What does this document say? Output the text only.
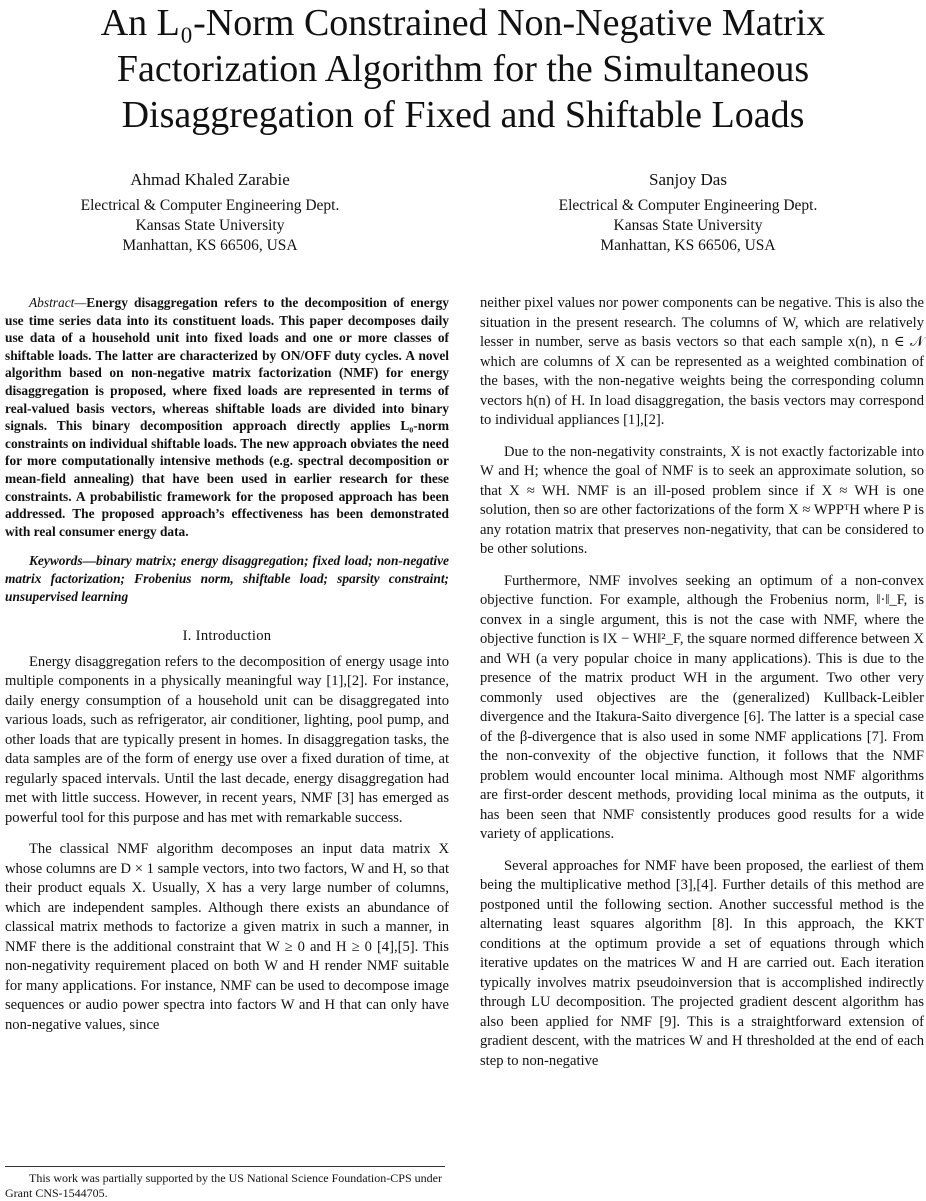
An L₀-Norm Constrained Non-Negative Matrix Factorization Algorithm for the Simultaneous Disaggregation of Fixed and Shiftable Loads
Ahmad Khaled Zarabie
Electrical & Computer Engineering Dept.
Kansas State University
Manhattan, KS 66506, USA
Sanjoy Das
Electrical & Computer Engineering Dept.
Kansas State University
Manhattan, KS 66506, USA

Abstract—Energy disaggregation refers to the decomposition of energy use time series data into its constituent loads. This paper decomposes daily use data of a household unit into fixed loads and one or more classes of shiftable loads. The latter are characterized by ON/OFF duty cycles. A novel algorithm based on non-negative matrix factorization (NMF) for energy disaggregation is proposed, where fixed loads are represented in terms of real-valued basis vectors, whereas shiftable loads are divided into binary signals. This binary decomposition approach directly applies L₀-norm constraints on individual shiftable loads. The new approach obviates the need for more computationally intensive methods (e.g. spectral decomposition or mean-field annealing) that have been used in earlier research for these constraints. A probabilistic framework for the proposed approach has been addressed. The proposed approach’s effectiveness has been demonstrated with real consumer energy data.

Keywords—binary matrix; energy disaggregation; fixed load; non-negative matrix factorization; Frobenius norm, shiftable load; sparsity constraint; unsupervised learning

I. Introduction

Energy disaggregation refers to the decomposition of energy usage into multiple components in a physically meaningful way [1],[2]. For instance, daily energy consumption of a household unit can be disaggregated into various loads, such as refrigerator, air conditioner, lighting, pool pump, and other loads that are typically present in homes. In disaggregation tasks, the data samples are of the form of energy use over a fixed duration of time, at regularly spaced intervals. Until the last decade, energy disaggregation had met with little success. However, in recent years, NMF [3] has emerged as powerful tool for this purpose and has met with remarkable success.

The classical NMF algorithm decomposes an input data matrix X whose columns are D × 1 sample vectors, into two factors, W and H, so that their product equals X. Usually, X has a very large number of columns, which are independent samples. Although there exists an abundance of classical matrix methods to factorize a given matrix in such a manner, in NMF there is the additional constraint that W ≥ 0 and H ≥ 0 [4],[5]. This non-negativity requirement placed on both W and H render NMF suitable for many applications. For instance, NMF can be used to decompose image sequences or audio power spectra into factors W and H that can only have non-negative values, since

neither pixel values nor power components can be negative. This is also the situation in the present research. The columns of W, which are relatively lesser in number, serve as basis vectors so that each sample x(n), n ∈ 𝒩 which are columns of X can be represented as a weighted combination of the bases, with the non-negative weights being the corresponding column vectors h(n) of H. In load disaggregation, the basis vectors may correspond to individual appliances [1],[2].

Due to the non-negativity constraints, X is not exactly factorizable into W and H; whence the goal of NMF is to seek an approximate solution, so that X ≈ WH. NMF is an ill-posed problem since if X ≈ WH is one solution, then so are other factorizations of the form X ≈ WPPᵀH where P is any rotation matrix that preserves non-negativity, that can be considered to be other solutions.

Furthermore, NMF involves seeking an optimum of a non-convex objective function. For example, although the Frobenius norm, ‖·‖_F, is convex in a single argument, this is not the case with NMF, where the objective function is ‖X − WH‖²_F, the square normed difference between X and WH (a very popular choice in many applications). This is due to the presence of the matrix product WH in the argument. Two other very commonly used objectives are the (generalized) Kullback-Leibler divergence and the Itakura-Saito divergence [6]. The latter is a special case of the β-divergence that is also used in some NMF applications [7]. From the non-convexity of the objective function, it follows that the NMF problem would encounter local minima. Although most NMF algorithms are first-order descent methods, providing local minima as the outputs, it has been seen that NMF consistently produces good results for a wide variety of applications.

Several approaches for NMF have been proposed, the earliest of them being the multiplicative method [3],[4]. Further details of this method are postponed until the following section. Another successful method is the alternating least squares algorithm [8]. In this approach, the KKT conditions at the optimum provide a set of equations through which iterative updates on the matrices W and H are carried out. Each iteration typically involves matrix pseudoinversion that is accomplished indirectly through LU decomposition. The projected gradient descent algorithm has also been applied for NMF [9]. This is a straightforward extension of gradient descent, with the matrices W and H thresholded at the end of each step to non-negative

This work was partially supported by the US National Science Foundation-CPS under Grant CNS-1544705.
